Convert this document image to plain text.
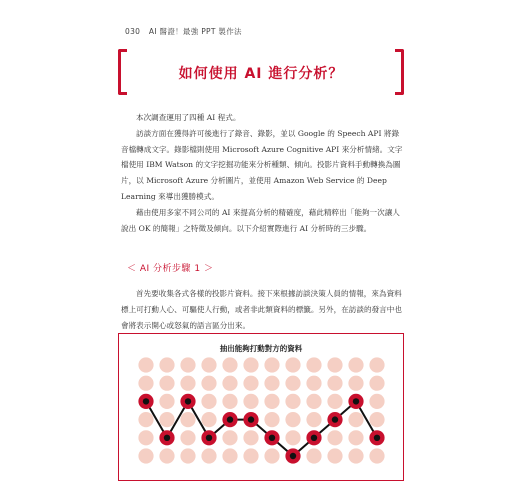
030 AI 醫證！最強 PPT 製作法
如何使用 AI 進行分析？

本次調查運用了四種 AI 程式。

訪談方面在獲得許可後進行了錄音、錄影，並以 Google 的 Speech API 將錄音檔轉成文字。錄影檔則使用 Microsoft Azure Cognitive API 來分析情緒。文字檔使用 IBM Watson 的文字挖掘功能來分析種類、傾向。投影片資料手動轉換為圖片，以 Microsoft Azure 分析圖片，並使用 Amazon Web Service 的 Deep Learning 來導出獲勝模式。

藉由使用多家不同公司的 AI 來提高分析的精確度，藉此精粹出「能夠一次讓人說出 OK 的簡報」之特徵及傾向。以下介紹實際進行 AI 分析時的三步驟。

＜ AI 分析步驟 1 ＞

首先要收集各式各樣的投影片資料。接下來根據訪談決策人員的情報，來為資料標上可打動人心、可驅使人行動，或者非此類資料的標籤。另外，在訪談的發言中也會將表示開心或怒氣的語言區分出來。

抽出能夠打動對方的資料
